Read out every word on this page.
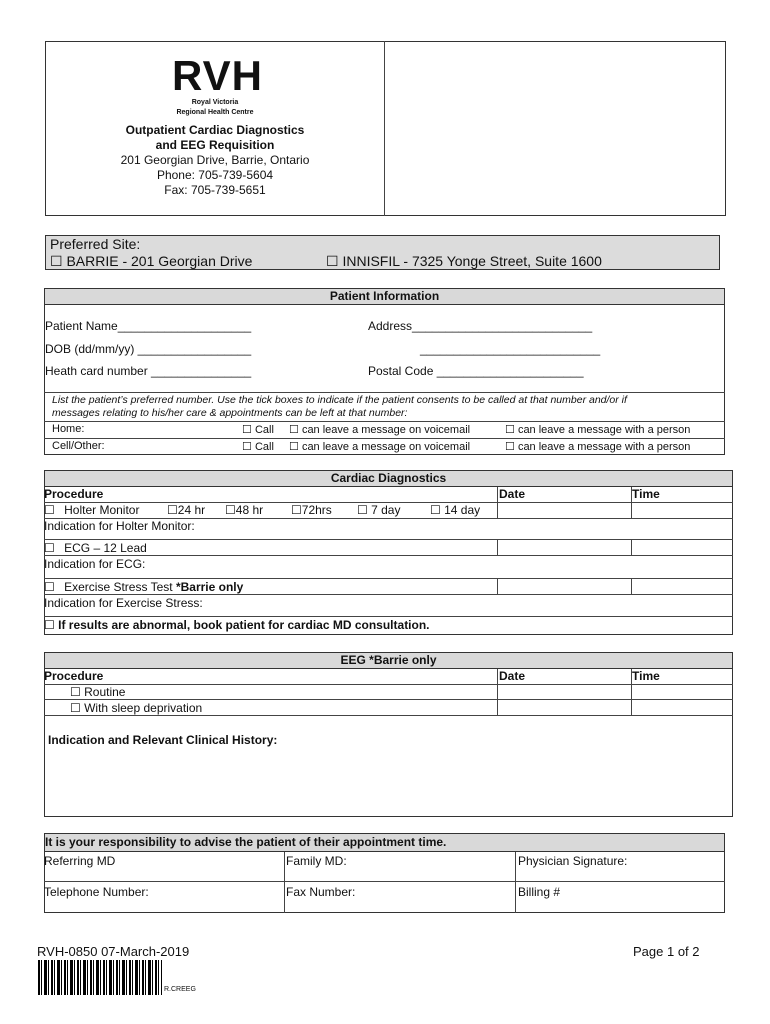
RVH
Royal Victoria
Regional Health Centre
Outpatient Cardiac Diagnostics
and EEG Requisition
201 Georgian Drive, Barrie, Ontario
Phone: 705-739-5604
Fax: 705-739-5651
Preferred Site:
☐ BARRIE - 201 Georgian Drive ☐	INNISFIL - 7325 Yonge Street, Suite 1600
Patient Information
Patient Name____________________	Address___________________________
DOB (dd/mm/yy) _________________	___________________________
Heath card number _______________	Postal Code ______________________
List the patient’s preferred number. Use the tick boxes to indicate if the patient consents to be called at that number and/or if
messages relating to his/her care & appointments can be left at that number:
Home: ☐	Call ☐	can leave a message on voicemail ☐	can leave a message with a person
Cell/Other: ☐	Call ☐	can leave a message on voicemail ☐	can leave a message with a person
Cardiac Diagnostics
Procedure	Date	Time
☐ Holter Monitor ☐	24 hr ☐	48 hr ☐	72hrs ☐	7 day ☐	14 day
Indication for Holter Monitor:
☐ ECG – 12 Lead
Indication for ECG:
☐ Exercise Stress Test *Barrie only
Indication for Exercise Stress:
☐ If results are abnormal, book patient for cardiac MD consultation.
EEG *Barrie only
Procedure	Date	Time
☐ Routine
☐ With sleep deprivation
Indication and Relevant Clinical History:
It is your responsibility to advise the patient of their appointment time.
Referring MD	Family MD:	Physician Signature:
Telephone Number:	Fax Number:	Billing #
RVH-0850 07-March-2019	Page 1 of 2
R.CREEG
